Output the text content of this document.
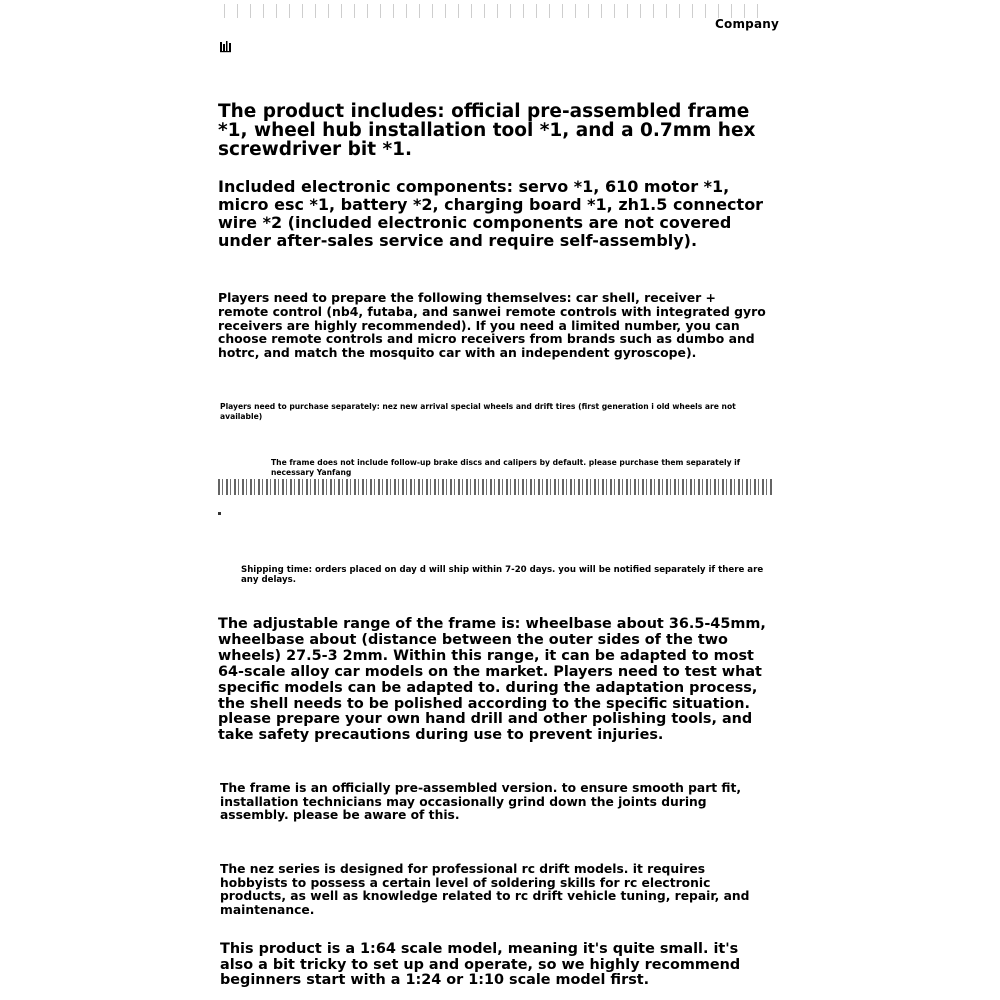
Company

The product includes: official pre-assembled frame *1, wheel hub installation tool *1, and a 0.7mm hex screwdriver bit *1.

Included electronic components: servo *1, 610 motor *1, micro esc *1, battery *2, charging board *1, zh1.5 connector wire *2 (included electronic components are not covered under after-sales service and require self-assembly).

Players need to prepare the following themselves: car shell, receiver + remote control (nb4, futaba, and sanwei remote controls with integrated gyro receivers are highly recommended). If you need a limited number, you can choose remote controls and micro receivers from brands such as dumbo and hotrc, and match the mosquito car with an independent gyroscope).

Players need to purchase separately: nez new arrival special wheels and drift tires (first generation i old wheels are not available)

The frame does not include follow-up brake discs and calipers by default. please purchase them separately if necessary Yanfang

Shipping time: orders placed on day d will ship within 7-20 days. you will be notified separately if there are any delays.

The adjustable range of the frame is: wheelbase about 36.5-45mm, wheelbase about (distance between the outer sides of the two wheels) 27.5-3 2mm. Within this range, it can be adapted to most 64-scale alloy car models on the market. Players need to test what specific models can be adapted to. during the adaptation process, the shell needs to be polished according to the specific situation. please prepare your own hand drill and other polishing tools, and take safety precautions during use to prevent injuries.

The frame is an officially pre-assembled version. to ensure smooth part fit, installation technicians may occasionally grind down the joints during assembly. please be aware of this.

The nez series is designed for professional rc drift models. it requires hobbyists to possess a certain level of soldering skills for rc electronic products, as well as knowledge related to rc drift vehicle tuning, repair, and maintenance.

This product is a 1:64 scale model, meaning it's quite small. it's also a bit tricky to set up and operate, so we highly recommend beginners start with a 1:24 or 1:10 scale model first.
